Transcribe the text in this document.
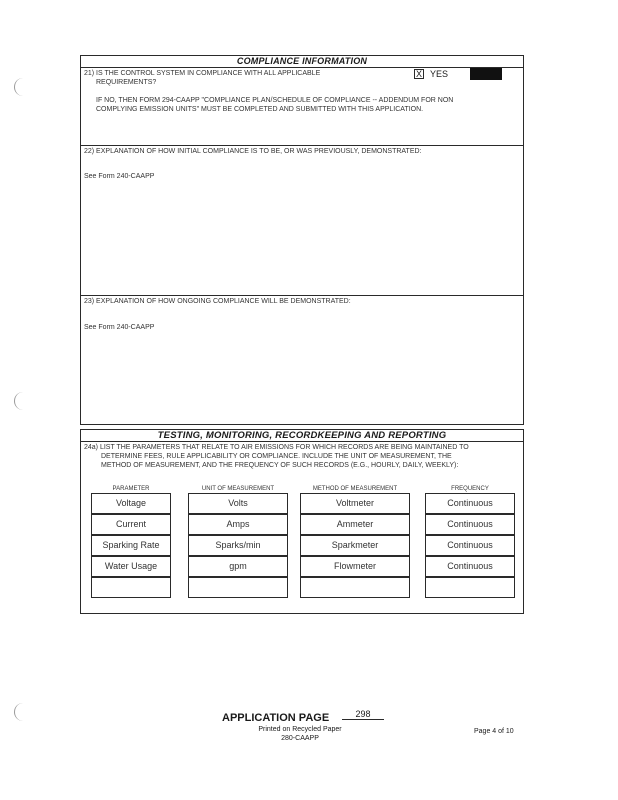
COMPLIANCE INFORMATION
21) IS THE CONTROL SYSTEM IN COMPLIANCE WITH ALL APPLICABLE
REQUIREMENTS?
X YES
IF NO, THEN FORM 294-CAAPP "COMPLIANCE PLAN/SCHEDULE OF COMPLIANCE -- ADDENDUM FOR NON
COMPLYING EMISSION UNITS" MUST BE COMPLETED AND SUBMITTED WITH THIS APPLICATION.
22) EXPLANATION OF HOW INITIAL COMPLIANCE IS TO BE, OR WAS PREVIOUSLY, DEMONSTRATED:
See Form 240-CAAPP
23) EXPLANATION OF HOW ONGOING COMPLIANCE WILL BE DEMONSTRATED:
See Form 240-CAAPP
TESTING, MONITORING, RECORDKEEPING AND REPORTING
24a) LIST THE PARAMETERS THAT RELATE TO AIR EMISSIONS FOR WHICH RECORDS ARE BEING MAINTAINED TO
DETERMINE FEES, RULE APPLICABILITY OR COMPLIANCE. INCLUDE THE UNIT OF MEASUREMENT, THE
METHOD OF MEASUREMENT, AND THE FREQUENCY OF SUCH RECORDS (E.G., HOURLY, DAILY, WEEKLY):
PARAMETER	UNIT OF MEASUREMENT	METHOD OF MEASUREMENT	FREQUENCY
Voltage	Volts	Voltmeter	Continuous
Current	Amps	Ammeter	Continuous
Sparking Rate	Sparks/min	Sparkmeter	Continuous
Water Usage	gpm	Flowmeter	Continuous
APPLICATION PAGE	298
Printed on Recycled Paper
280-CAAPP
Page 4 of 10
